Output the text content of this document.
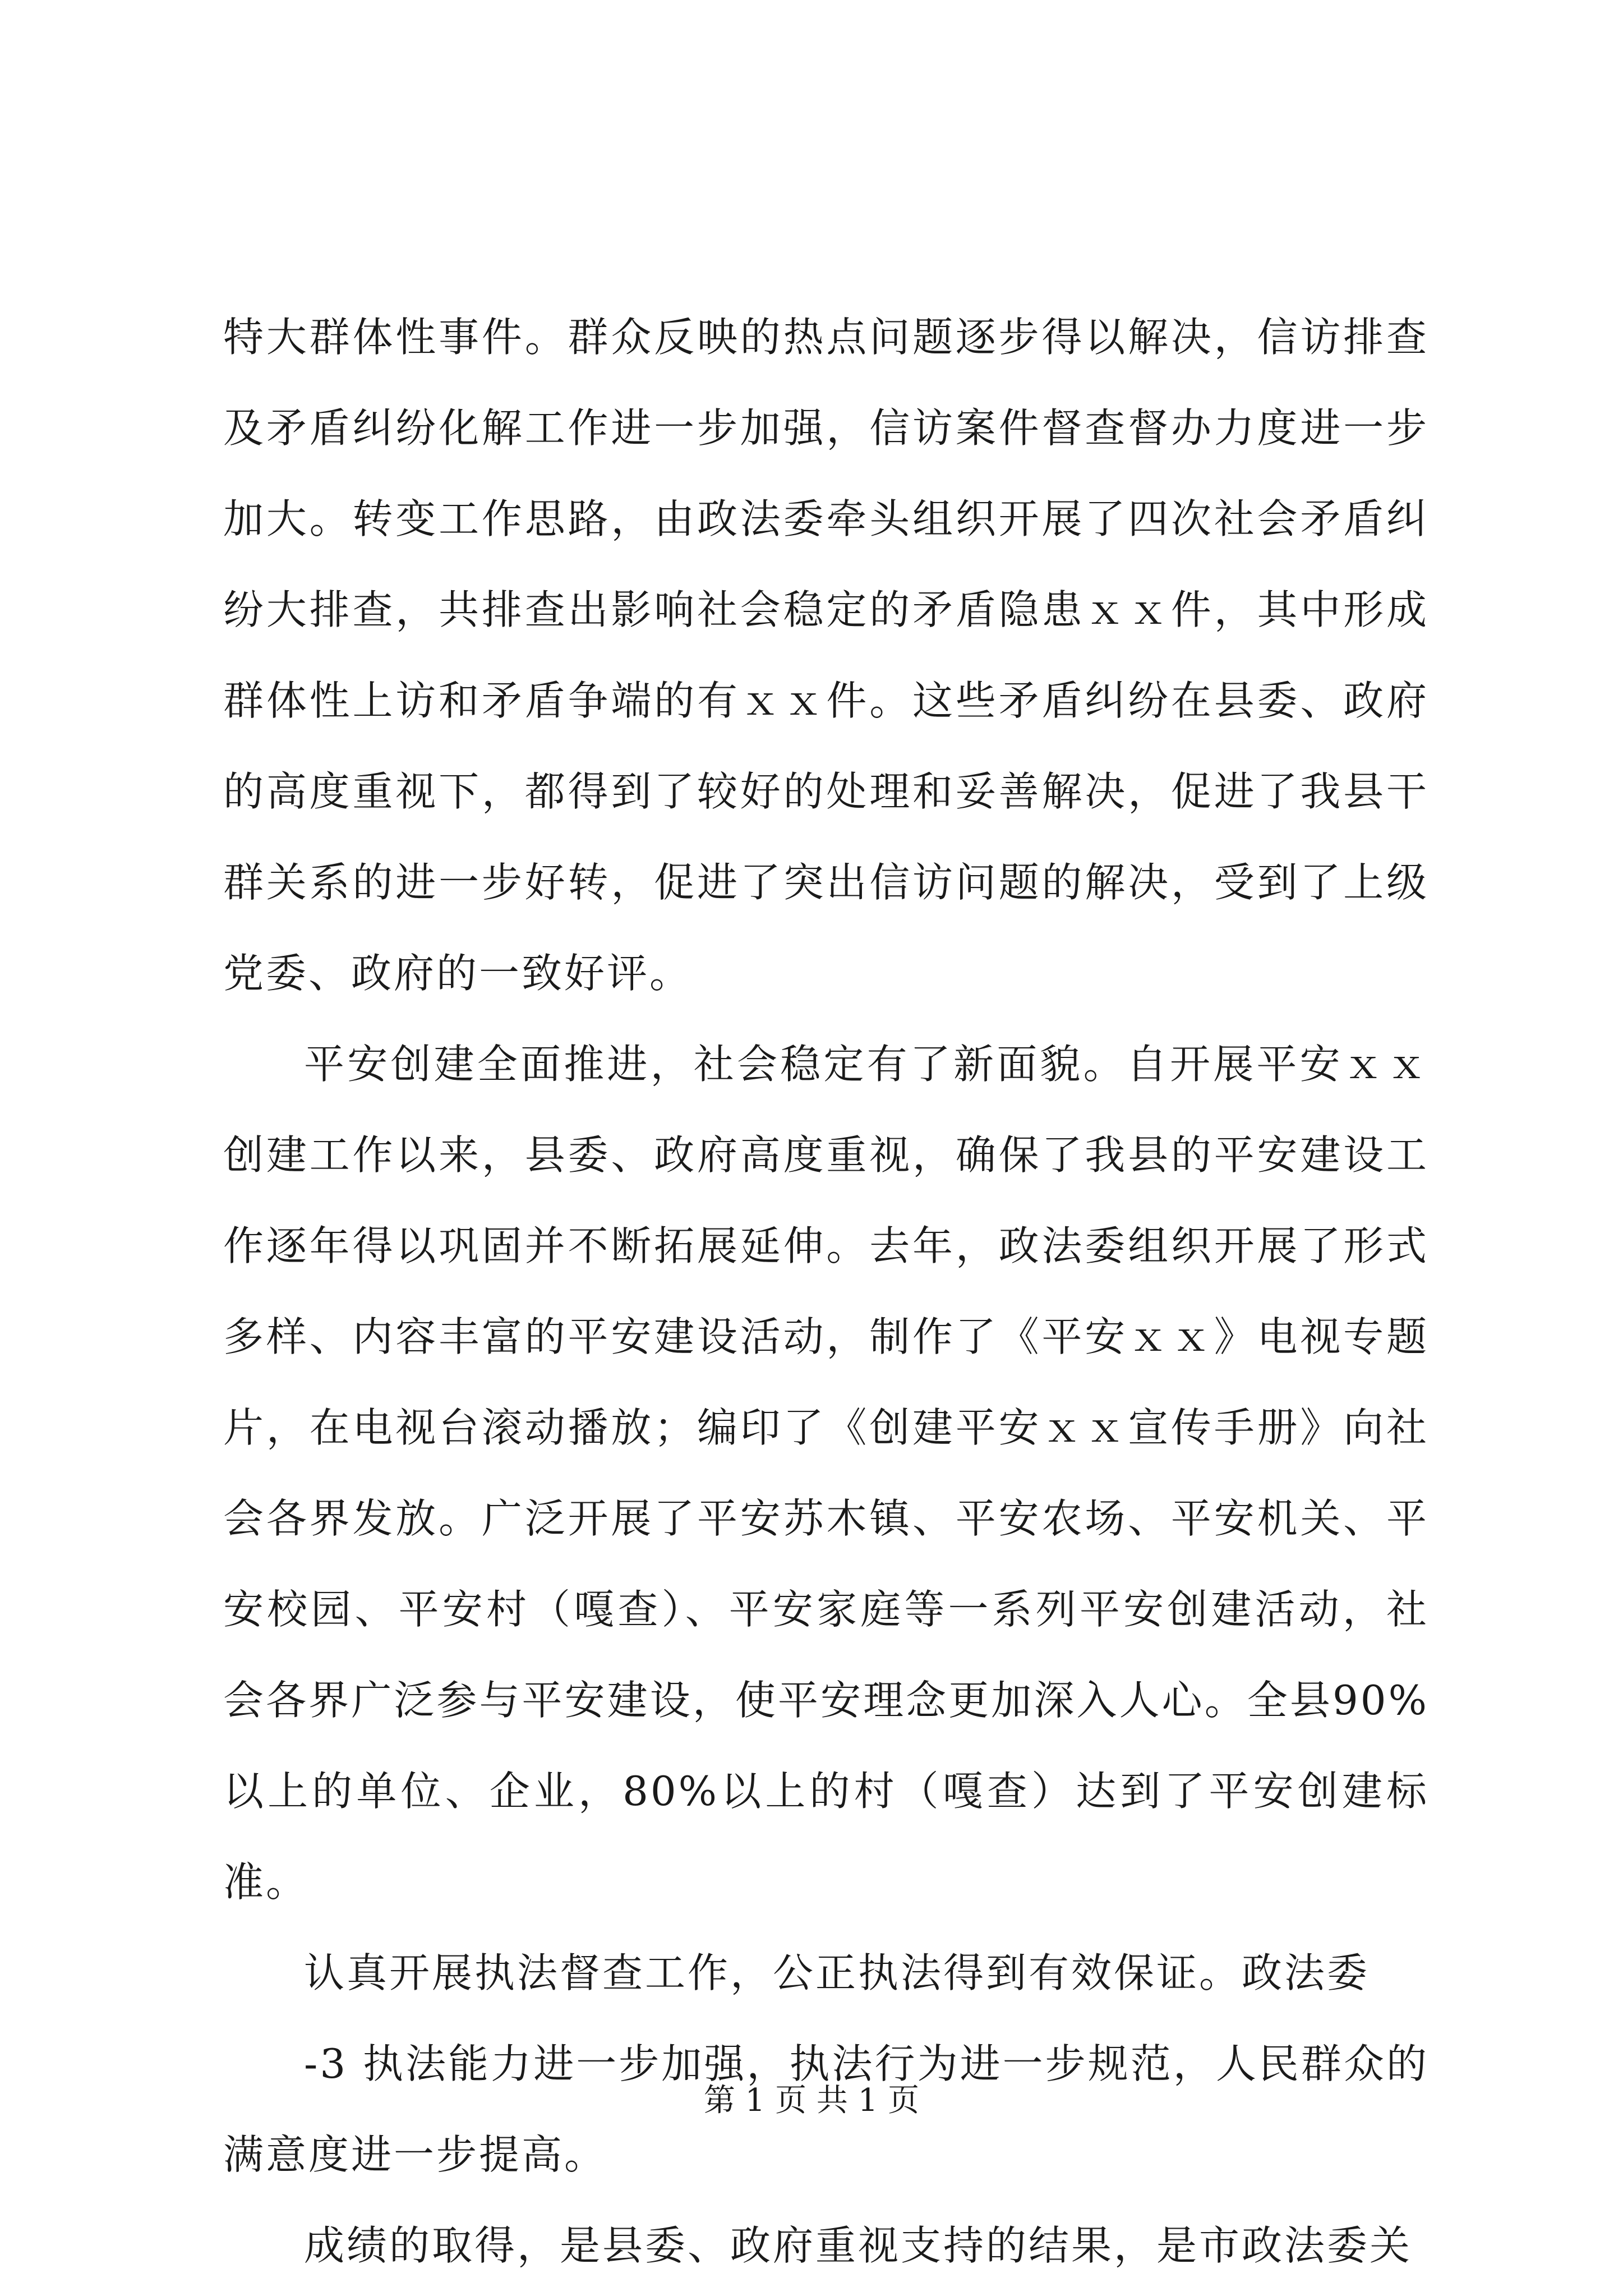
特大群体性事件。群众反映的热点问题逐步得以解决，信访排查及矛盾纠纷化解工作进一步加强，信访案件督查督办力度进一步加大。转变工作思路，由政法委牵头组织开展了四次社会矛盾纠纷大排查，共排查出影响社会稳定的矛盾隐患ｘｘ件，其中形成群体性上访和矛盾争端的有ｘｘ件。这些矛盾纠纷在县委、政府的高度重视下，都得到了较好的处理和妥善解决，促进了我县干群关系的进一步好转，促进了突出信访问题的解决，受到了上级党委、政府的一致好评。

平安创建全面推进，社会稳定有了新面貌。自开展平安ｘｘ创建工作以来，县委、政府高度重视，确保了我县的平安建设工作逐年得以巩固并不断拓展延伸。去年，政法委组织开展了形式多样、内容丰富的平安建设活动，制作了《平安ｘｘ》电视专题片，在电视台滚动播放；编印了《创建平安ｘｘ宣传手册》向社会各界发放。广泛开展了平安苏木镇、平安农场、平安机关、平安校园、平安村（嘎查）、平安家庭等一系列平安创建活动，社会各界广泛参与平安建设，使平安理念更加深入人心。全县90%以上的单位、企业，80%以上的村（嘎查）达到了平安创建标准。

认真开展执法督查工作，公正执法得到有效保证。政法委

-3 执法能力进一步加强，执法行为进一步规范，人民群众的满意度进一步提高。

成绩的取得，是县委、政府重视支持的结果，是市政法委关

第 1 页 共 1 页
